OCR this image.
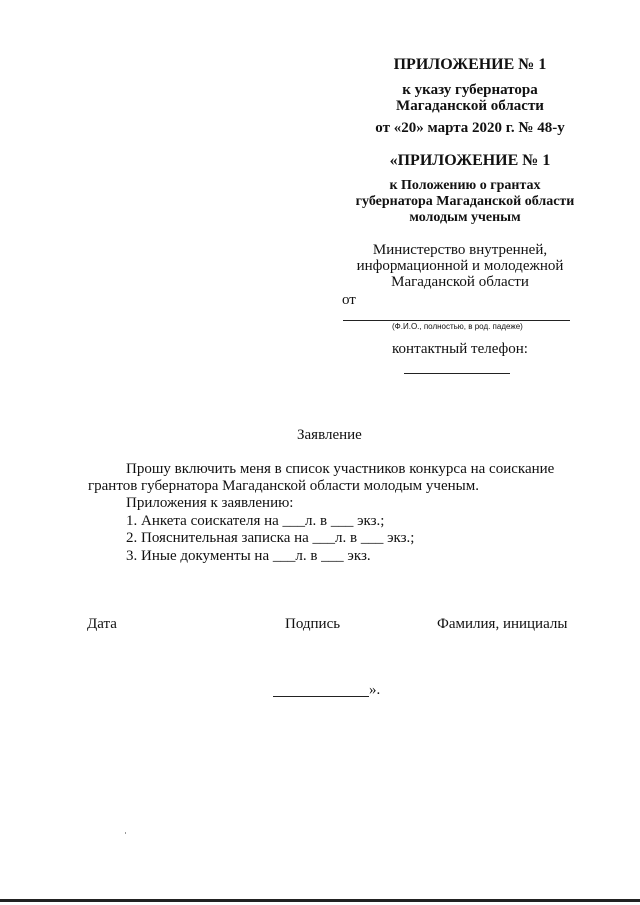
ПРИЛОЖЕНИЕ № 1
к указу губернатора
Магаданской области
от «20» марта 2020 г. № 48-у
«ПРИЛОЖЕНИЕ № 1
к Положению о грантах
губернатора Магаданской области
молодым ученым
Министерство внутренней,
информационной и молодежной
Магаданской области
от
(Ф.И.О., полностью, в род. падеже)
контактный телефон:
Заявление
Прошу включить меня в список участников конкурса на соискание
грантов губернатора Магаданской области молодым ученым.
Приложения к заявлению:
1. Анкета соискателя на ___л. в ___ экз.;
2. Пояснительная записка на ___л. в ___ экз.;
3. Иные документы на ___л. в ___ экз.
Дата	Подпись	Фамилия, инициалы
».
